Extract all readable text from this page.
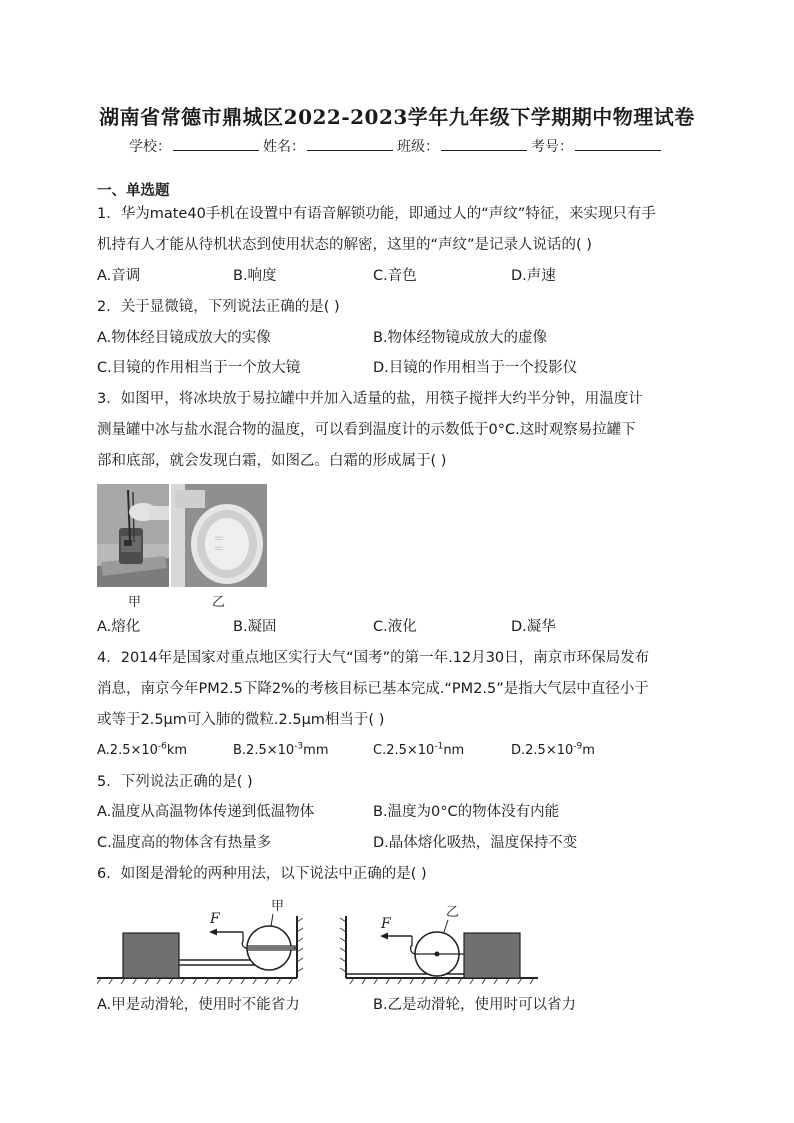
湖南省常德市鼎城区2022-2023学年九年级下学期期中物理试卷
学校：	姓名：	班级：	考号：
一、单选题
1．华为mate40手机在设置中有语音解锁功能，即通过人的“声纹”特征，来实现只有手
机持有人才能从待机状态到使用状态的解密，这里的“声纹”是记录人说话的( )
A.音调	B.响度	C.音色	D.声速
2．关于显微镜，下列说法正确的是( )
A.物体经目镜成放大的实像	B.物体经物镜成放大的虚像
C.目镜的作用相当于一个放大镜	D.目镜的作用相当于一个投影仪
3．如图甲，将冰块放于易拉罐中并加入适量的盐，用筷子搅拌大约半分钟，用温度计
测量罐中冰与盐水混合物的温度，可以看到温度计的示数低于0°C.这时观察易拉罐下
部和底部，就会发现白霜，如图乙。白霜的形成属于( )
::::
::::
甲	乙
A.熔化	B.凝固	C.液化	D.凝华
4．2014年是国家对重点地区实行大气“国考”的第一年.12月30日，南京市环保局发布
消息，南京今年PM2.5下降2%的考核目标已基本完成.“PM2.5”是指大气层中直径小于
或等于2.5μm可入肺的微粒.2.5μm相当于( )
$A.2.5\times 10^{-6}km$	$B.2.5\times 10^{-3}mm$	$C.2.5\times 10^{-1}nm$	$D.2.5\times 10^{-9}m$
5．下列说法正确的是( )
A.温度从高温物体传递到低温物体	B.温度为0°C的物体没有内能
C.温度高的物体含有热量多	D.晶体熔化吸热，温度保持不变
6．如图是滑轮的两种用法，以下说法中正确的是( )
F
甲
F
乙
A.甲是动滑轮，使用时不能省力	B.乙是动滑轮，使用时可以省力
